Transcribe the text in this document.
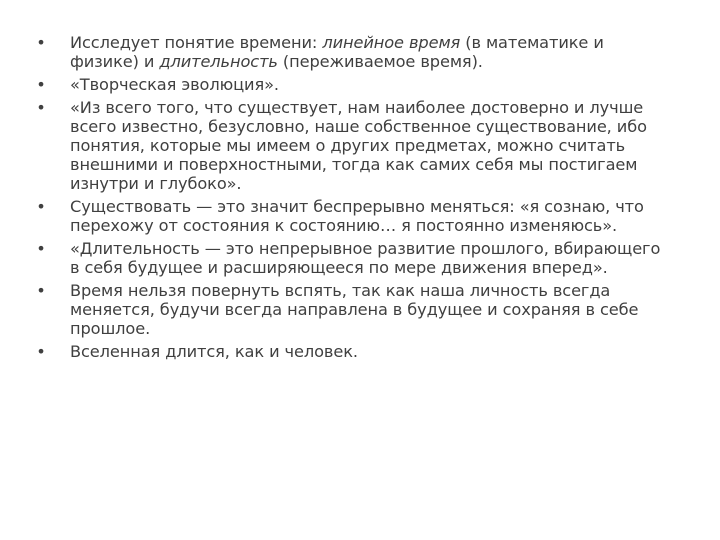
• Исследует понятие времени: линейное время (в математике и физике) и длительность (переживаемое время).
• «Творческая эволюция».
• «Из всего того, что существует, нам наиболее достоверно и лучше всего известно, безусловно, наше собственное существование, ибо понятия, которые мы имеем о других предметах, можно считать внешними и поверхностными, тогда как самих себя мы постигаем изнутри и глубоко».
• Существовать — это значит беспрерывно меняться: «я сознаю, что перехожу от состояния к состоянию… я постоянно изменяюсь».
• «Длительность — это непрерывное развитие прошлого, вбирающего в себя будущее и расширяющееся по мере движения вперед».
• Время нельзя повернуть вспять, так как наша личность всегда меняется, будучи всегда направлена в будущее и сохраняя в себе прошлое.
• Вселенная длится, как и человек.
